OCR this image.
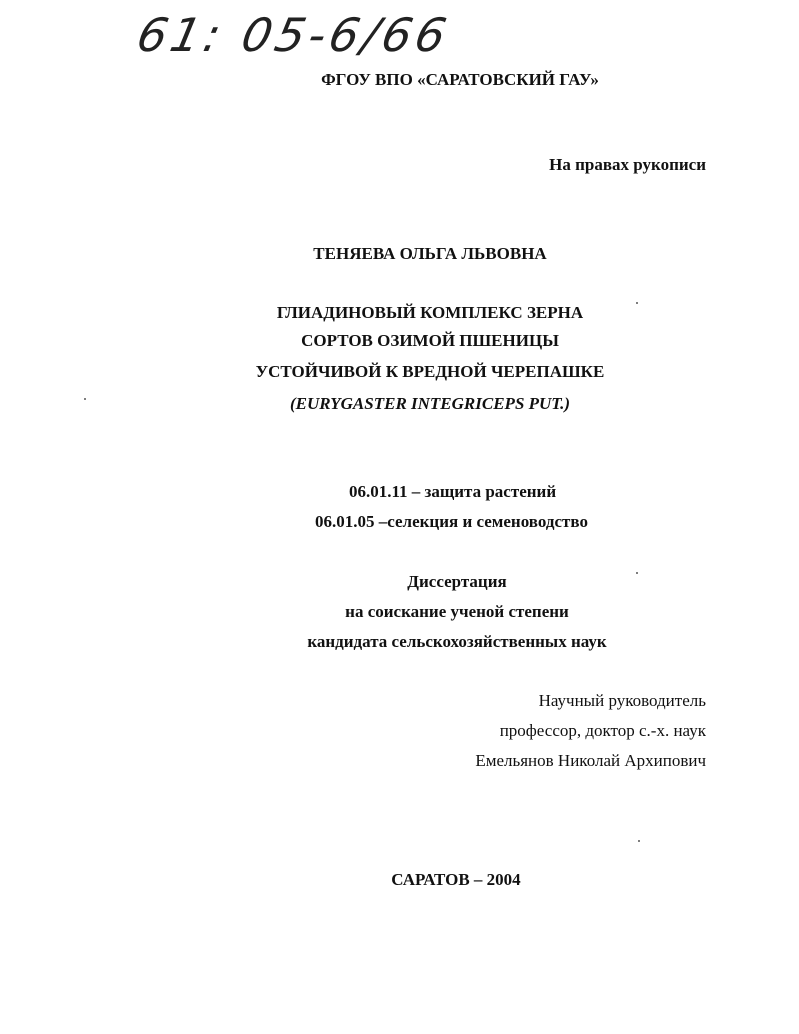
61: 05-6/66
ФГОУ ВПО «САРАТОВСКИЙ ГАУ»
На правах рукописи
ТЕНЯЕВА ОЛЬГА ЛЬВОВНА
ГЛИАДИНОВЫЙ КОМПЛЕКС ЗЕРНА
СОРТОВ ОЗИМОЙ ПШЕНИЦЫ
УСТОЙЧИВОЙ К ВРЕДНОЙ ЧЕРЕПАШКЕ
(EURYGASTER INTEGRICEPS PUT.)
06.01.11 – защита растений
06.01.05 –селекция и семеноводство
Диссертация
на соискание ученой степени
кандидата сельскохозяйственных наук
Научный руководитель
профессор, доктор с.-х. наук
Емельянов Николай Архипович
САРАТОВ – 2004
